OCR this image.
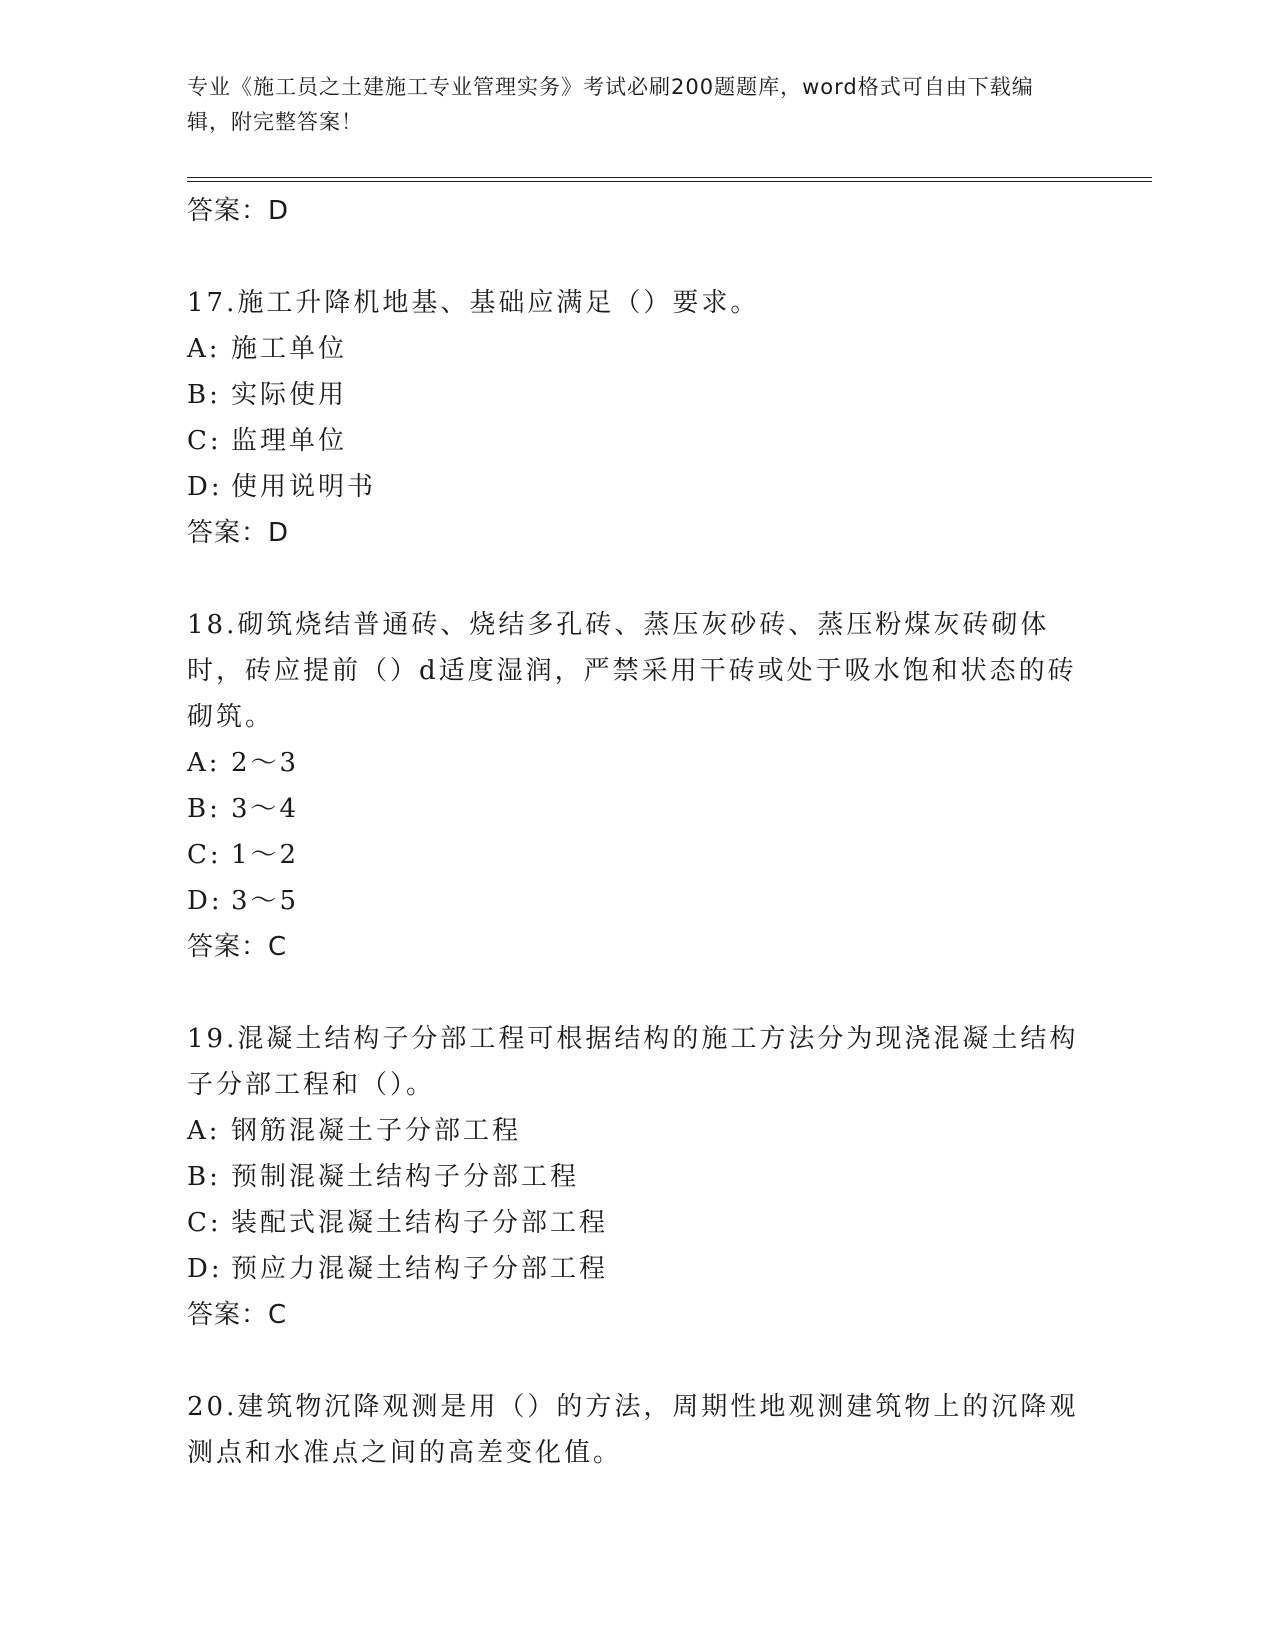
专业《施工员之土建施工专业管理实务》考试必刷200题题库，word格式可自由下载编辑，附完整答案！

答案：D

17.施工升降机地基、基础应满足（）要求。

A: 施工单位

B: 实际使用

C: 监理单位

D: 使用说明书

答案：D

18.砌筑烧结普通砖、烧结多孔砖、蒸压灰砂砖、蒸压粉煤灰砖砌体时，砖应提前（）d适度湿润，严禁采用干砖或处于吸水饱和状态的砖砌筑。

A: 2～3

B: 3～4

C: 1～2

D: 3～5

答案：C

19.混凝土结构子分部工程可根据结构的施工方法分为现浇混凝土结构子分部工程和（）。

A: 钢筋混凝土子分部工程

B: 预制混凝土结构子分部工程

C: 装配式混凝土结构子分部工程

D: 预应力混凝土结构子分部工程

答案：C

20.建筑物沉降观测是用（）的方法，周期性地观测建筑物上的沉降观测点和水准点之间的高差变化值。
